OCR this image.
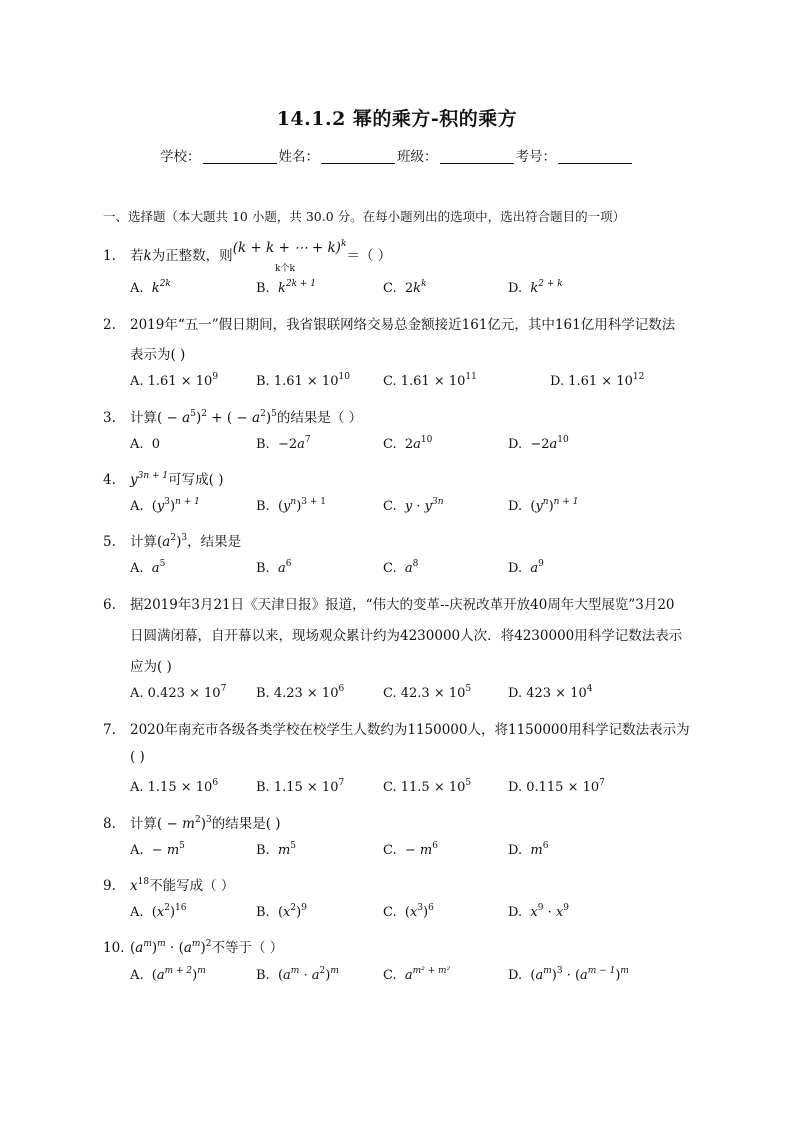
14.1.2 幂的乘方-积的乘方
学校：	姓名：	班级：	考号：
一、选择题（本大题共 10 小题，共 30.0 分。在每小题列出的选项中，选出符合题目的一项）
1. 若k为正整数，则(k + k + ⋯ + k)$^k$＝（ ）
k个k
A. $k^{2k}$	B. $k^{2k + 1}$	C.  $2k^k$	D. $k^{2 + k}$
2. 2019年“五一”假日期间，我省银联网络交易总金额接近161亿元，其中161亿用科学记数法
表示为( )
A. $1.61 \times 10^9$	B. $1.61 \times 10^{10}$	C. $1.61 \times 10^{11}$	D. $1.61 \times 10^{12}$
3. 计算( − $a^5)^2$ + ( − $a^2)^5$的结果是（ ）
A.  0	B.  $-2a^7$	C.  $2a^{10}$	D.  $-2a^{10}$
4. $y^{3n + 1}$可写成( )
A.  $(y^3)^{n + 1}$	B.  $(y^n)^{3 + 1}$	C.  $y \cdot y^{3n}$	D.  $(y^n)^{n + 1}$
5. 计算$(a^2)^3$，结果是
A.  $a^5$	B.  $a^6$	C.  $a^8$	D.  $a^9$
6. 据2019年3月21日《天津日报》报道，“伟大的变革--庆祝改革开放40周年大型展览”3月20
日圆满闭幕，自开幕以来，现场观众累计约为4230000人次．将4230000用科学记数法表示
应为( )
A. $0.423 \times 10^7$ B. $4.23 \times 10^6$	C. $42.3 \times 10^5$	D. $423 \times 10^4$
7. 2020年南充市各级各类学校在校学生人数约为1150000人，将1150000用科学记数法表示为
( )
A. $1.15 \times 10^6$	B. $1.15 \times 10^7$	C. $11.5 \times 10^5$	D. $0.115 \times 10^7$
8. 计算( − $m^2)^3$的结果是( )
A.  − $m^5$	B.  $m^5$	C.  − $m^6$	D.  $m^6$
9. $x^{18}$不能写成（ ）
A.  $(x^2)^{16}$	B.  $(x^2)^9$	C.  $(x^3)^6$	D.  $x^9 \cdot x^9$
10. $(a^m)^m \cdot (a^m)^2$不等于（ ）
A.  $(a^{m + 2})^m$	B.  $(a^m \cdot a^2)^m$	C.  $a^{m^2 + m^2}$	D.  $(a^m)^3 \cdot (a^{m - 1})^m$
